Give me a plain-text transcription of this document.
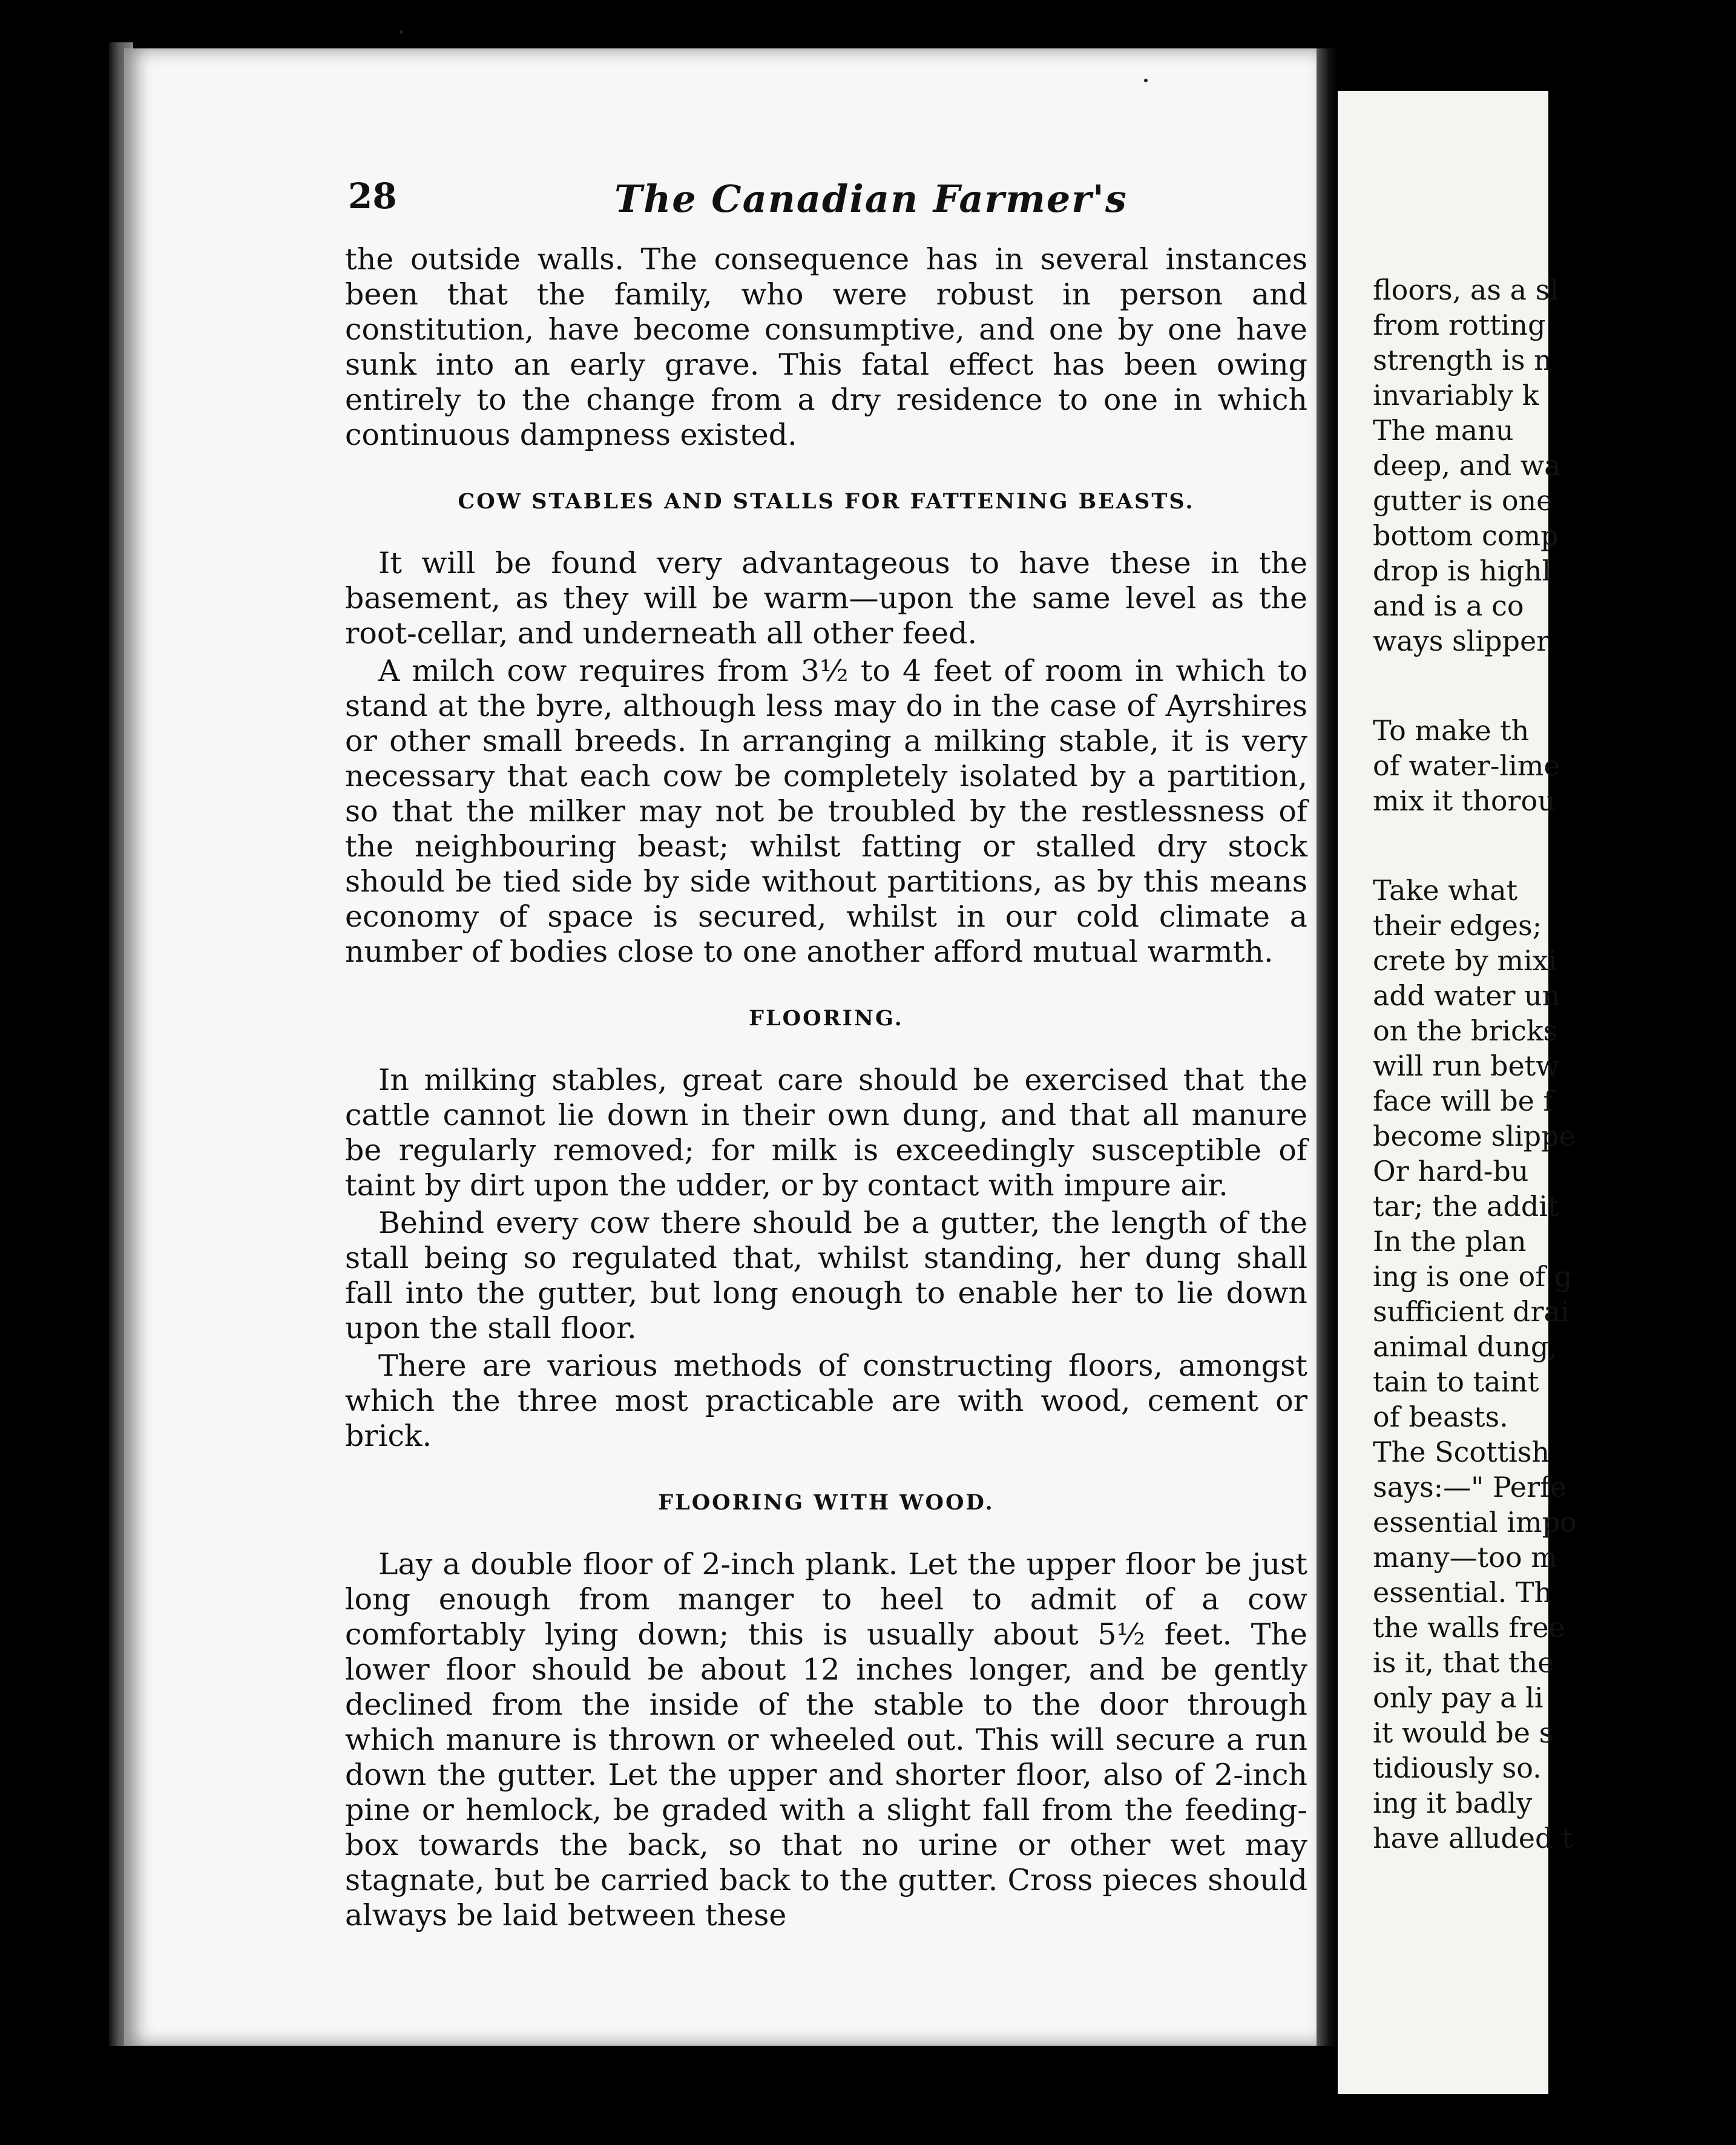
floors, as a sl
from rotting
strength is n
invariably k
The manu
deep, and wa
gutter is one
bottom comp
drop is highl
and is a co
ways slipper
To make th
of water-lime
mix it thorou
Take what
their edges;
crete by mixi
add water un
on the bricks
will run betw
face will be f
become slippe
Or hard-bu
tar; the addit
In the plan
ing is one of g
sufficient drai
animal dung,
tain to taint
of beasts.
The Scottish
says:—" Perfe
essential impo
many—too m
essential. Th
the walls free
is it, that the
only pay a li
it would be s
tidiously so.
ing it badly
have alluded t
28	The Canadian Farmer's

the outside walls. The consequence has in several instances been that the family, who were robust in person and constitution, have become consumptive, and one by one have sunk into an early grave. This fatal effect has been owing entirely to the change from a dry residence to one in which continuous dampness existed.

COW STABLES AND STALLS FOR FATTENING BEASTS.

It will be found very advantageous to have these in the basement, as they will be warm—upon the same level as the root-cellar, and underneath all other feed.

A milch cow requires from 3½ to 4 feet of room in which to stand at the byre, although less may do in the case of Ayrshires or other small breeds. In arranging a milking stable, it is very necessary that each cow be completely isolated by a partition, so that the milker may not be troubled by the restlessness of the neighbouring beast; whilst fatting or stalled dry stock should be tied side by side without partitions, as by this means economy of space is secured, whilst in our cold climate a number of bodies close to one another afford mutual warmth.

FLOORING.

In milking stables, great care should be exercised that the cattle cannot lie down in their own dung, and that all manure be regularly removed; for milk is exceedingly susceptible of taint by dirt upon the udder, or by contact with impure air.

Behind every cow there should be a gutter, the length of the stall being so regulated that, whilst standing, her dung shall fall into the gutter, but long enough to enable her to lie down upon the stall floor.

There are various methods of constructing floors, amongst which the three most practicable are with wood, cement or brick.

FLOORING WITH WOOD.

Lay a double floor of 2-inch plank. Let the upper floor be just long enough from manger to heel to admit of a cow comfortably lying down; this is usually about 5½ feet. The lower floor should be about 12 inches longer, and be gently declined from the inside of the stable to the door through which manure is thrown or wheeled out. This will secure a run down the gutter. Let the upper and shorter floor, also of 2-inch pine or hemlock, be graded with a slight fall from the feeding-box towards the back, so that no urine or other wet may stagnate, but be carried back to the gutter. Cross pieces should always be laid between these
